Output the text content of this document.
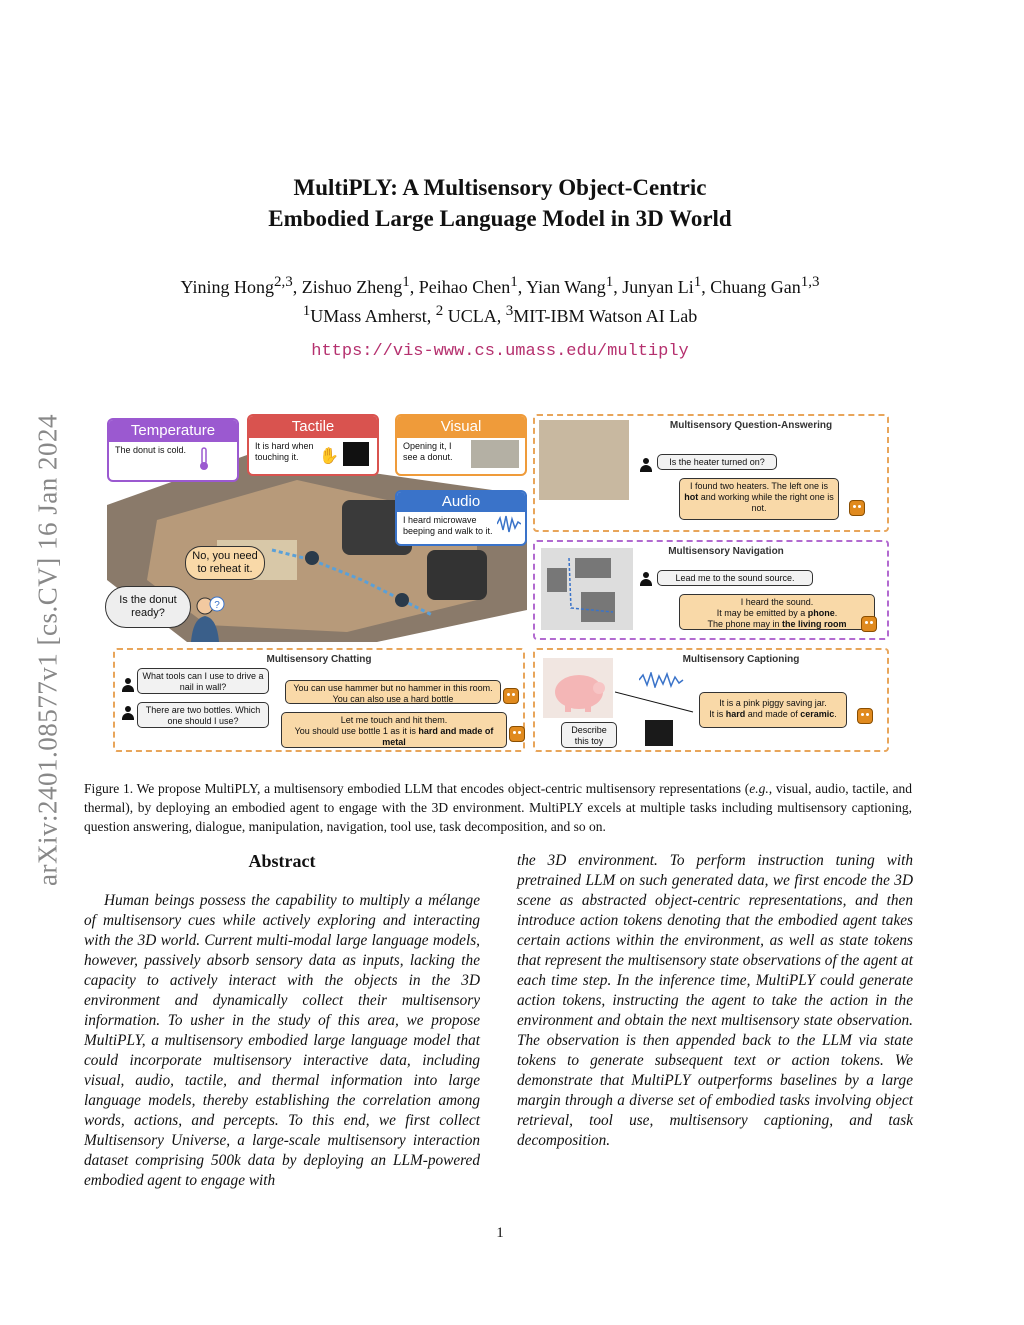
arXiv:2401.08577v1 [cs.CV] 16 Jan 2024
MultiPLY: A Multisensory Object-Centric
Embodied Large Language Model in 3D World
Yining Hong$^{2,3}$, Zishuo Zheng$^1$, Peihao Chen$^1$, Yian Wang$^1$, Junyan Li$^1$, Chuang Gan$^{1,3}$
$^1$UMass Amherst, $^2$ UCLA, $^3$MIT-IBM Watson AI Lab
https://vis-www.cs.umass.edu/multiply
Temperature
The donut is cold.
Tactile
It is hard when touching it.	✋
Visual
Opening it, I see a donut.
Audio
I heard microwave beeping and walk to it.
No, you need to reheat it.
Is the donut ready?
?
Multisensory Question-Answering
Is the heater turned on?
I found two heaters. The left one is hot and working while the right one is not.
Multisensory Navigation
Lead me to the sound source.
I heard the sound.
It may be emitted by a phone.
The phone may in the living room
Multisensory Chatting
What tools can I use to drive a nail in wall?	You can use hammer but no hammer in this room. You can also use a hard bottle
There are two bottles. Which one should I use?	Let me touch and hit them.
You should use bottle 1 as it is hard and made of metal
Multisensory Captioning
Describe this toy
It is a pink piggy saving jar.
It is hard and made of ceramic.
Figure 1. We propose MultiPLY, a multisensory embodied LLM that encodes object-centric multisensory representations (e.g., visual, audio, tactile, and thermal), by deploying an embodied agent to engage with the 3D environment. MultiPLY excels at multiple tasks including multisensory captioning, question answering, dialogue, manipulation, navigation, tool use, task decomposition, and so on.
Abstract
Human beings possess the capability to multiply a mélange of multisensory cues while actively exploring and interacting with the 3D world. Current multi-modal large language models, however, passively absorb sensory data as inputs, lacking the capacity to actively interact with the objects in the 3D environment and dynamically collect their multisensory information. To usher in the study of this area, we propose MultiPLY, a multisensory embodied large language model that could incorporate multisensory interactive data, including visual, audio, tactile, and thermal information into large language models, thereby establishing the correlation among words, actions, and percepts. To this end, we first collect Multisensory Universe, a large-scale multisensory interaction dataset comprising 500k data by deploying an LLM-powered embodied agent to engage with
the 3D environment. To perform instruction tuning with pretrained LLM on such generated data, we first encode the 3D scene as abstracted object-centric representations, and then introduce action tokens denoting that the embodied agent takes certain actions within the environment, as well as state tokens that represent the multisensory state observations of the agent at each time step. In the inference time, MultiPLY could generate action tokens, instructing the agent to take the action in the environment and obtain the next multisensory state observation. The observation is then appended back to the LLM via state tokens to generate subsequent text or action tokens. We demonstrate that MultiPLY outperforms baselines by a large margin through a diverse set of embodied tasks involving object retrieval, tool use, multisensory captioning, and task decomposition.
1
